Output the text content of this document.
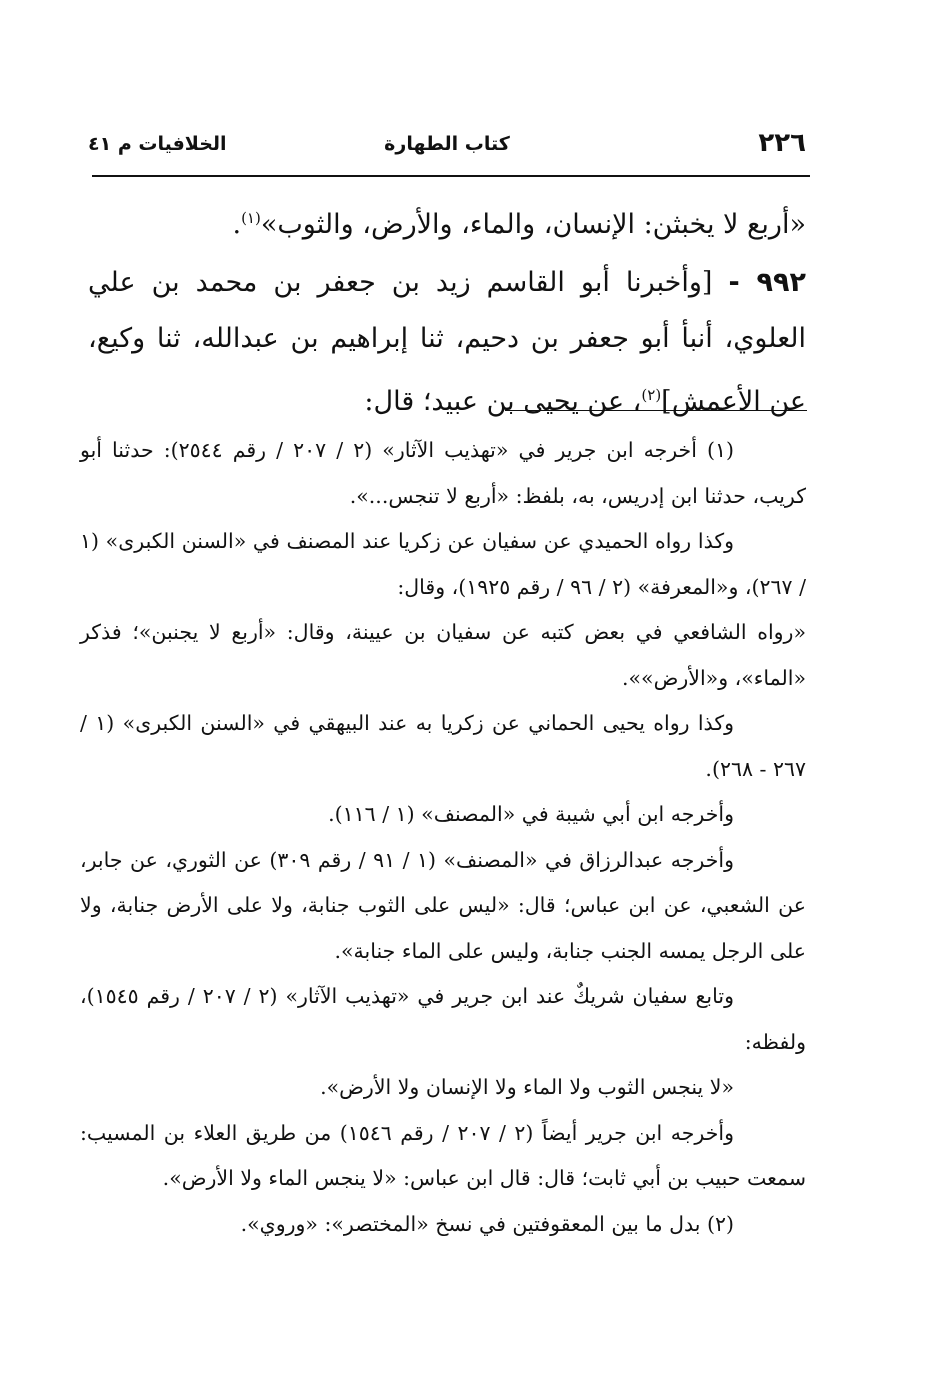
٢٢٦
كتاب الطهارة
الخلافيات م ٤١

«أربع لا يخبثن: الإنسان، والماء، والأرض، والثوب»$^{(١)}$.

٩٩٢ - [وأخبرنا أبو القاسم زيد بن جعفر بن محمد بن علي العلوي، أنبأ أبو جعفر بن دحيم، ثنا إبراهيم بن عبدالله، ثنا وكيع، عن الأعمش]$^{(٢)}$، عن يحيى بن عبيد؛ قال:

(١) أخرجه ابن جرير في «تهذيب الآثار» (٢ / ٢٠٧ / رقم ٢٥٤٤): حدثنا أبو كريب، حدثنا ابن إدريس، به، بلفظ: «أربع لا تنجس...».

وكذا رواه الحميدي عن سفيان عن زكريا عند المصنف في «السنن الكبرى» (١ / ٢٦٧)، و«المعرفة» (٢ / ٩٦ / رقم ١٩٢٥)، وقال:

«رواه الشافعي في بعض كتبه عن سفيان بن عيينة، وقال: «أربع لا يجنبن»؛ فذكر «الماء»، و«الأرض»».

وكذا رواه يحيى الحماني عن زكريا به عند البيهقي في «السنن الكبرى» (١ / ٢٦٧ - ٢٦٨).

وأخرجه ابن أبي شيبة في «المصنف» (١ / ١١٦).

وأخرجه عبدالرزاق في «المصنف» (١ / ٩١ / رقم ٣٠٩) عن الثوري، عن جابر، عن الشعبي، عن ابن عباس؛ قال: «ليس على الثوب جنابة، ولا على الأرض جنابة، ولا على الرجل يمسه الجنب جنابة، وليس على الماء جنابة».

وتابع سفيان شريكٌ عند ابن جرير في «تهذيب الآثار» (٢ / ٢٠٧ / رقم ١٥٤٥)، ولفظه:

«لا ينجس الثوب ولا الماء ولا الإنسان ولا الأرض».

وأخرجه ابن جرير أيضاً (٢ / ٢٠٧ / رقم ١٥٤٦) من طريق العلاء بن المسيب: سمعت حبيب بن أبي ثابت؛ قال: قال ابن عباس: «لا ينجس الماء ولا الأرض».

(٢) بدل ما بين المعقوفتين في نسخ «المختصر»: «وروي».
